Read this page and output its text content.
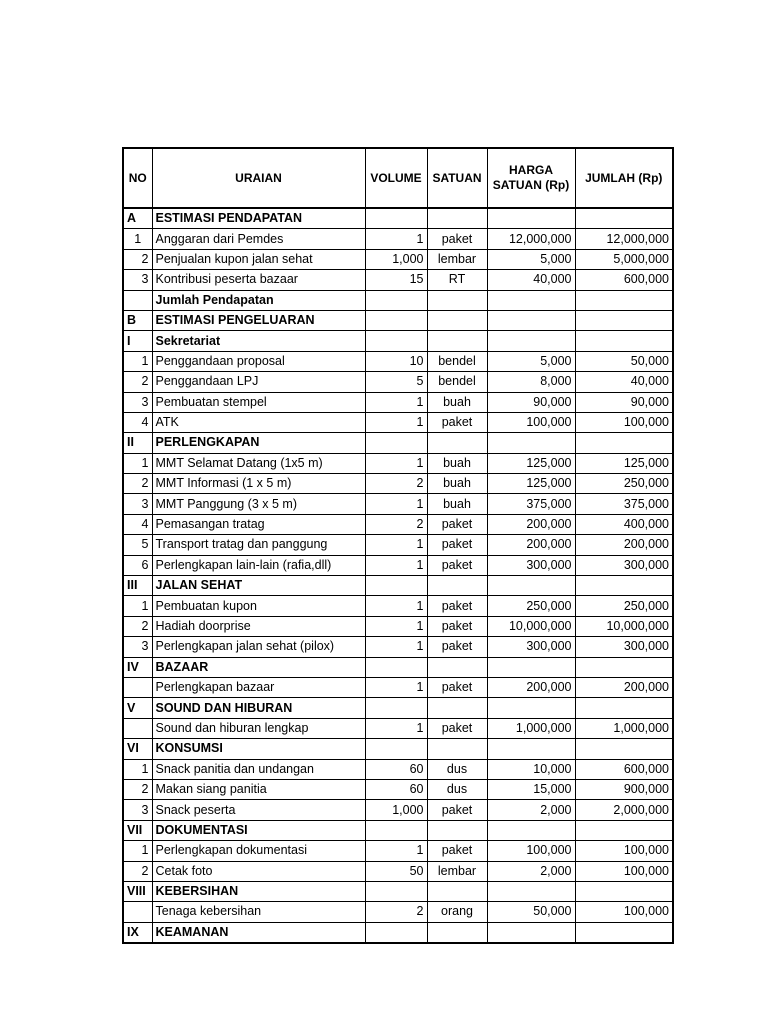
NO	URAIAN	VOLUME	SATUAN	HARGA SATUAN (Rp)	JUMLAH (Rp)
A	ESTIMASI PENDAPATAN				
1	Anggaran dari Pemdes	1	paket	12,000,000	12,000,000
2	Penjualan kupon jalan sehat	1,000	lembar	5,000	5,000,000
3	Kontribusi peserta bazaar	15	RT	40,000	600,000
	Jumlah Pendapatan				
B	ESTIMASI PENGELUARAN				
I	Sekretariat				
1	Penggandaan proposal	10	bendel	5,000	50,000
2	Penggandaan LPJ	5	bendel	8,000	40,000
3	Pembuatan stempel	1	buah	90,000	90,000
4	ATK	1	paket	100,000	100,000
II	PERLENGKAPAN				
1	MMT Selamat Datang (1x5 m)	1	buah	125,000	125,000
2	MMT Informasi (1 x 5 m)	2	buah	125,000	250,000
3	MMT Panggung (3 x 5 m)	1	buah	375,000	375,000
4	Pemasangan tratag	2	paket	200,000	400,000
5	Transport tratag dan panggung	1	paket	200,000	200,000
6	Perlengkapan lain-lain (rafia,dll)	1	paket	300,000	300,000
III	JALAN SEHAT				
1	Pembuatan kupon	1	paket	250,000	250,000
2	Hadiah doorprise	1	paket	10,000,000	10,000,000
3	Perlengkapan jalan sehat (pilox)	1	paket	300,000	300,000
IV	BAZAAR				
	Perlengkapan bazaar	1	paket	200,000	200,000
V	SOUND DAN HIBURAN				
	Sound dan hiburan lengkap	1	paket	1,000,000	1,000,000
VI	KONSUMSI				
1	Snack panitia dan undangan	60	dus	10,000	600,000
2	Makan siang panitia	60	dus	15,000	900,000
3	Snack peserta	1,000	paket	2,000	2,000,000
VII	DOKUMENTASI				
1	Perlengkapan dokumentasi	1	paket	100,000	100,000
2	Cetak foto	50	lembar	2,000	100,000
VIII	KEBERSIHAN				
	Tenaga kebersihan	2	orang	50,000	100,000
IX	KEAMANAN				
